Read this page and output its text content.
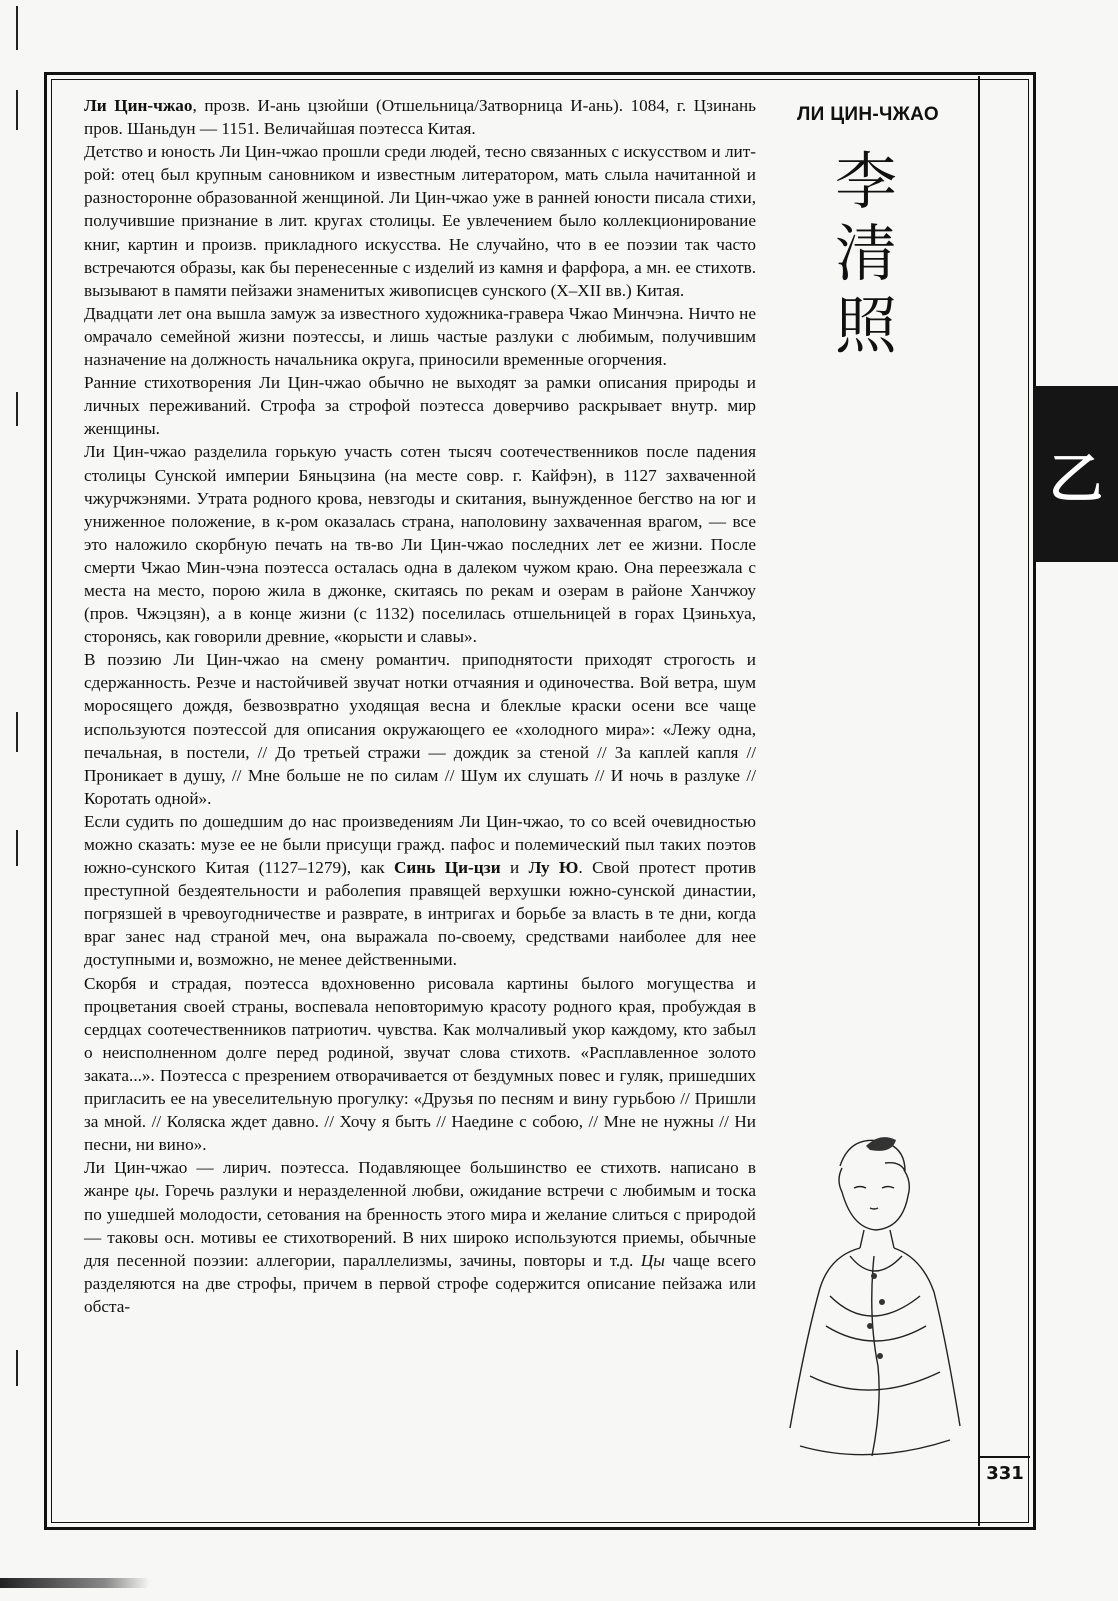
Ли Цин-чжао, прозв. И-ань цзюйши (Отшельница/Затворница И-ань). 1084, г. Цзинань пров. Шаньдун — 1151. Величайшая поэтесса Китая.

Детство и юность Ли Цин-чжао прошли среди людей, тесно связанных с искусством и лит-рой: отец был крупным сановником и известным литератором, мать слыла начитанной и разносторонне образованной женщиной. Ли Цин-чжао уже в ранней юности писала стихи, получившие признание в лит. кругах столицы. Ее увлечением было коллекционирование книг, картин и произв. прикладного искусства. Не случайно, что в ее поэзии так часто встречаются образы, как бы перенесенные с изделий из камня и фарфора, а мн. ее стихотв. вызывают в памяти пейзажи знаменитых живописцев сунского (X–XII вв.) Китая.

Двадцати лет она вышла замуж за известного художника-гравера Чжао Минчэна. Ничто не омрачало семейной жизни поэтессы, и лишь частые разлуки с любимым, получившим назначение на должность начальника округа, приносили временные огорчения.

Ранние стихотворения Ли Цин-чжао обычно не выходят за рамки описания природы и личных переживаний. Строфа за строфой поэтесса доверчиво раскрывает внутр. мир женщины.

Ли Цин-чжао разделила горькую участь сотен тысяч соотечественников после падения столицы Сунской империи Бяньцзина (на месте совр. г. Кайфэн), в 1127 захваченной чжурчжэнями. Утрата родного крова, невзгоды и скитания, вынужденное бегство на юг и униженное положение, в к-ром оказалась страна, наполовину захваченная врагом, — все это наложило скорбную печать на тв-во Ли Цин-чжао последних лет ее жизни. После смерти Чжао Мин-чэна поэтесса осталась одна в далеком чужом краю. Она переезжала с места на место, порою жила в джонке, скитаясь по рекам и озерам в районе Ханчжоу (пров. Чжэцзян), а в конце жизни (с 1132) поселилась отшельницей в горах Цзиньхуа, сторонясь, как говорили древние, «корысти и славы».

В поэзию Ли Цин-чжао на смену романтич. приподнятости приходят строгость и сдержанность. Резче и настойчивей звучат нотки отчаяния и одиночества. Вой ветра, шум моросящего дождя, безвозвратно уходящая весна и блеклые краски осени все чаще используются поэтессой для описания окружающего ее «холодного мира»: «Лежу одна, печальная, в постели, // До третьей стражи — дождик за стеной // За каплей капля // Проникает в душу, // Мне больше не по силам // Шум их слушать // И ночь в разлуке // Коротать одной».

Если судить по дошедшим до нас произведениям Ли Цин-чжао, то со всей очевидностью можно сказать: музе ее не были присущи гражд. пафос и полемический пыл таких поэтов южно-сунского Китая (1127–1279), как Синь Ци-цзи и Лу Ю. Свой протест против преступной бездеятельности и раболепия правящей верхушки южно-сунской династии, погрязшей в чревоугодничестве и разврате, в интригах и борьбе за власть в те дни, когда враг занес над страной меч, она выражала по-своему, средствами наиболее для нее доступными и, возможно, не менее действенными.

Скорбя и страдая, поэтесса вдохновенно рисовала картины былого могущества и процветания своей страны, воспевала неповторимую красоту родного края, пробуждая в сердцах соотечественников патриотич. чувства. Как молчаливый укор каждому, кто забыл о неисполненном долге перед родиной, звучат слова стихотв. «Расплавленное золото заката...». Поэтесса с презрением отворачивается от бездумных повес и гуляк, пришедших пригласить ее на увеселительную прогулку: «Друзья по песням и вину гурьбою // Пришли за мной. // Коляска ждет давно. // Хочу я быть // Наедине с собою, // Мне не нужны // Ни песни, ни вино».

Ли Цин-чжао — лирич. поэтесса. Подавляющее большинство ее стихотв. написано в жанре цы. Горечь разлуки и неразделенной любви, ожидание встречи с любимым и тоска по ушедшей молодости, сетования на бренность этого мира и желание слиться с природой — таковы осн. мотивы ее стихотворений. В них широко используются приемы, обычные для песенной поэзии: аллегории, параллелизмы, зачины, повторы и т.д. Цы чаще всего разделяются на две строфы, причем в первой строфе содержится описание пейзажа или обста-

ЛИ ЦИН-ЧЖАО
李
清
照
乙
331
